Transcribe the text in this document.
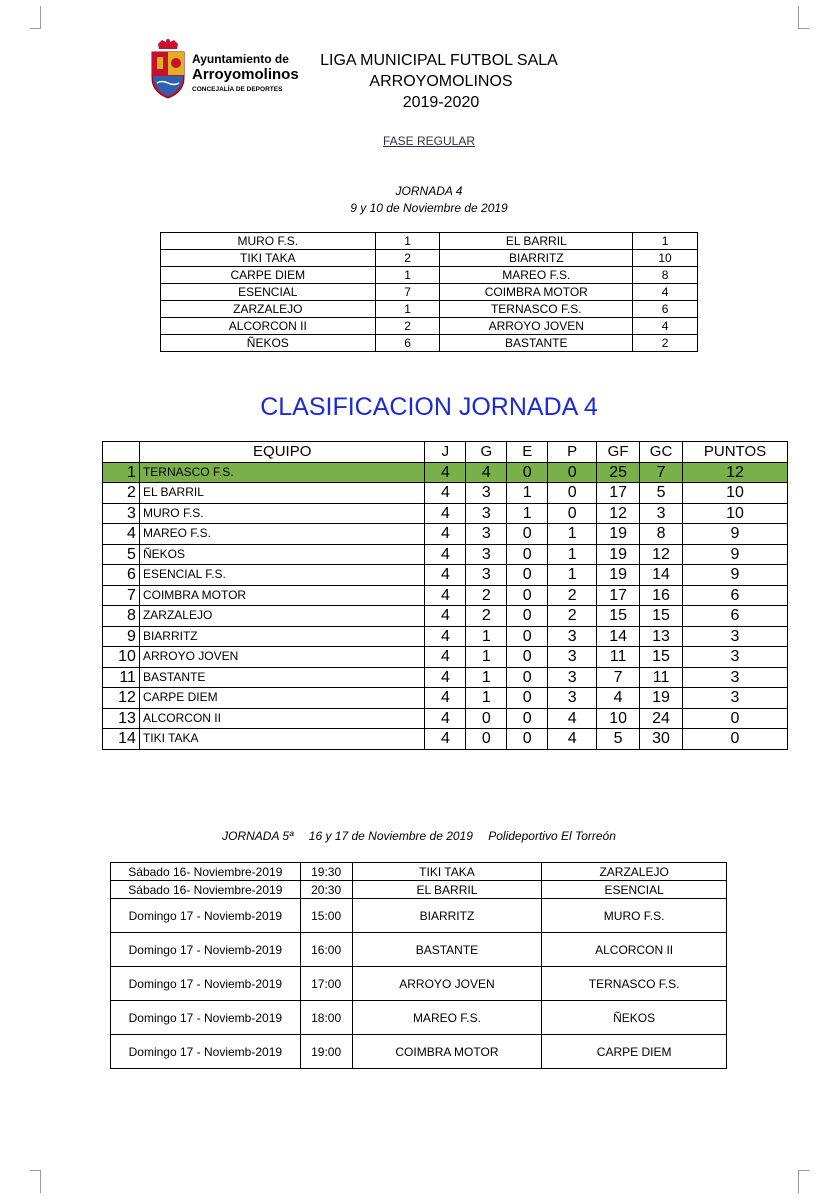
Ayuntamiento de
Arroyomolinos
CONCEJALÍA DE DEPORTES
LIGA MUNICIPAL FUTBOL SALA
ARROYOMOLINOS
2019-2020
FASE REGULAR
JORNADA 4
9 y 10 de Noviembre de 2019
MURO F.S.	1	EL BARRIL	1
TIKI TAKA	2	BIARRITZ	10
CARPE DIEM	1	MAREO F.S.	8
ESENCIAL	7	COIMBRA MOTOR	4
ZARZALEJO	1	TERNASCO F.S.	6
ALCORCON II	2	ARROYO JOVEN	4
ÑEKOS	6	BASTANTE	2
CLASIFICACION JORNADA 4
	EQUIPO	J	G	E	P	GF	GC	PUNTOS
1	TERNASCO F.S.	4	4	0	0	25	7	12
2	EL BARRIL	4	3	1	0	17	5	10
3	MURO F.S.	4	3	1	0	12	3	10
4	MAREO F.S.	4	3	0	1	19	8	9
5	ÑEKOS	4	3	0	1	19	12	9
6	ESENCIAL F.S.	4	3	0	1	19	14	9
7	COIMBRA MOTOR	4	2	0	2	17	16	6
8	ZARZALEJO	4	2	0	2	15	15	6
9	BIARRITZ	4	1	0	3	14	13	3
10	ARROYO JOVEN	4	1	0	3	11	15	3
11	BASTANTE	4	1	0	3	7	11	3
12	CARPE DIEM	4	1	0	3	4	19	3
13	ALCORCON II	4	0	0	4	10	24	0
14	TIKI TAKA	4	0	0	4	5	30	0
JORNADA 5ª 16 y 17 de Noviembre de 2019 Polideportivo El Torreón
Sábado 16- Noviembre-2019	19:30	TIKI TAKA	ZARZALEJO
Sábado 16- Noviembre-2019	20:30	EL BARRIL	ESENCIAL
Domingo 17 - Noviemb-2019	15:00	BIARRITZ	MURO F.S.
Domingo 17 - Noviemb-2019	16:00	BASTANTE	ALCORCON II
Domingo 17 - Noviemb-2019	17:00	ARROYO JOVEN	TERNASCO F.S.
Domingo 17 - Noviemb-2019	18:00	MAREO F.S.	ÑEKOS
Domingo 17 - Noviemb-2019	19:00	COIMBRA MOTOR	CARPE DIEM
